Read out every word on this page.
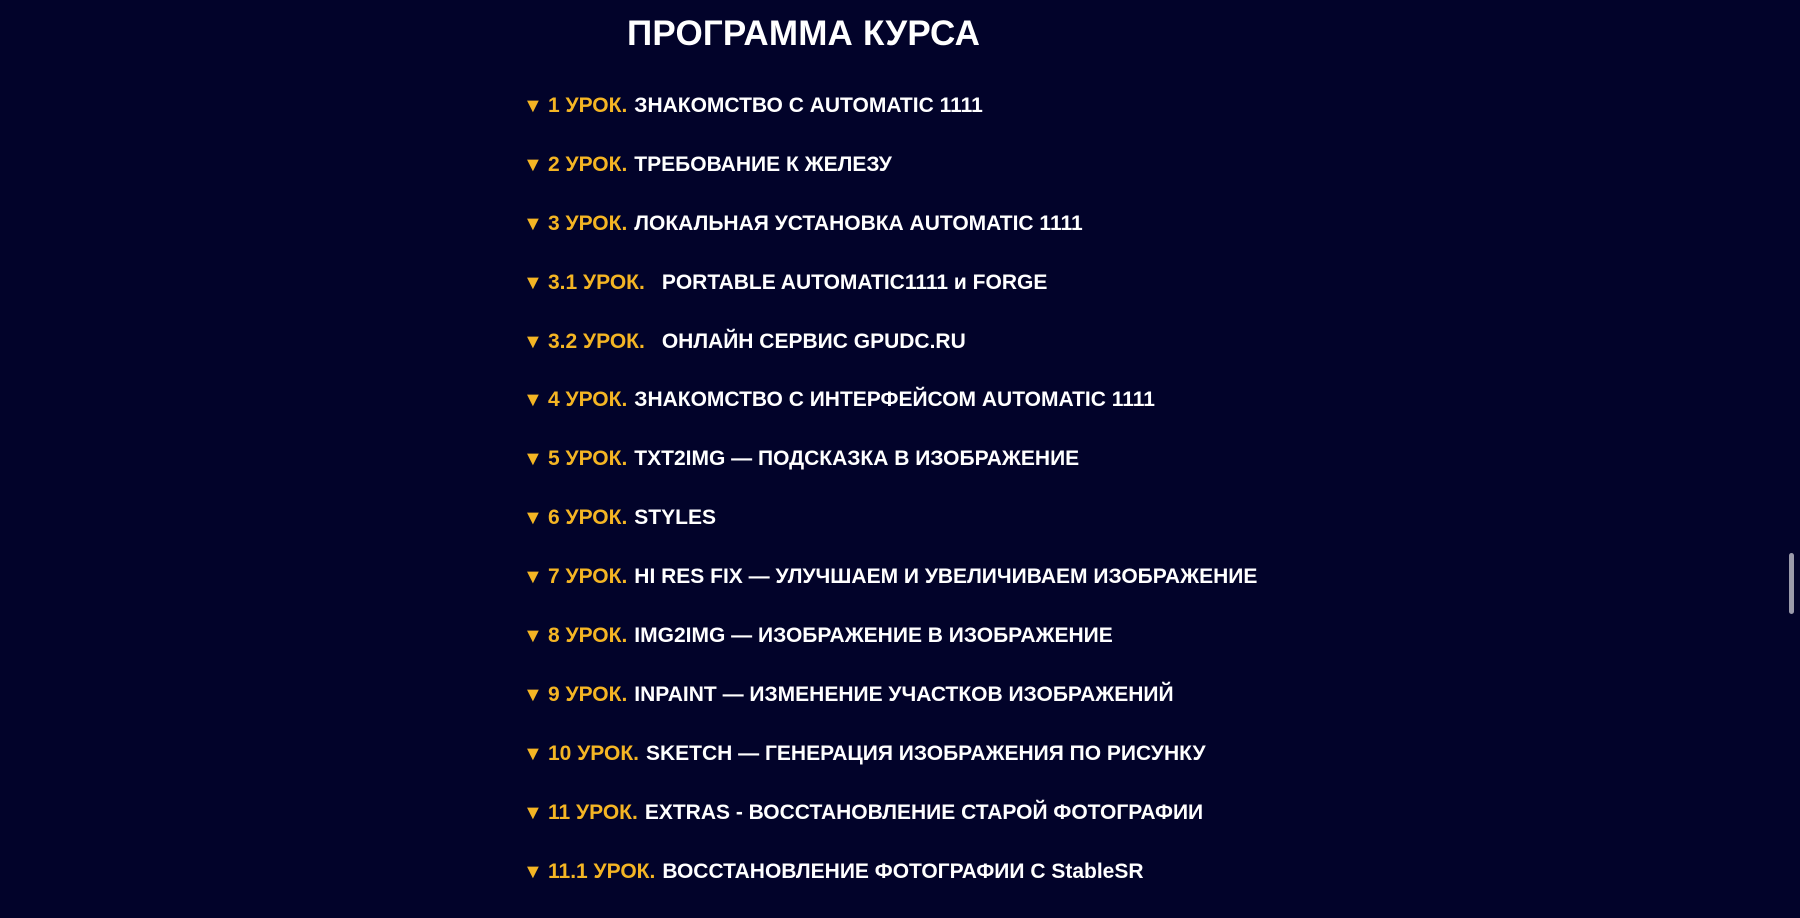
ПРОГРАММА КУРСА
▼ 1 УРОК. ЗНАКОМСТВО С AUTOMATIC 1111
▼ 2 УРОК. ТРЕБОВАНИЕ К ЖЕЛЕЗУ
▼ 3 УРОК. ЛОКАЛЬНАЯ УСТАНОВКА AUTOMATIC 1111
▼ 3.1 УРОК. PORTABLE AUTOMATIC1111 и FORGE
▼ 3.2 УРОК. ОНЛАЙН СЕРВИС GPUDC.RU
▼ 4 УРОК. ЗНАКОМСТВО С ИНТЕРФЕЙСОМ AUTOMATIC 1111
▼ 5 УРОК. TXT2IMG — ПОДСКАЗКА В ИЗОБРАЖЕНИЕ
▼ 6 УРОК. STYLES
▼ 7 УРОК. HI RES FIX — УЛУЧШАЕМ И УВЕЛИЧИВАЕМ ИЗОБРАЖЕНИЕ
▼ 8 УРОК. IMG2IMG — ИЗОБРАЖЕНИЕ В ИЗОБРАЖЕНИЕ
▼ 9 УРОК. INPAINT — ИЗМЕНЕНИЕ УЧАСТКОВ ИЗОБРАЖЕНИЙ
▼ 10 УРОК. SKETCH — ГЕНЕРАЦИЯ ИЗОБРАЖЕНИЯ ПО РИСУНКУ
▼ 11 УРОК. EXTRAS - ВОССТАНОВЛЕНИЕ СТАРОЙ ФОТОГРАФИИ
▼ 11.1 УРОК. ВОССТАНОВЛЕНИЕ ФОТОГРАФИИ С StableSR
